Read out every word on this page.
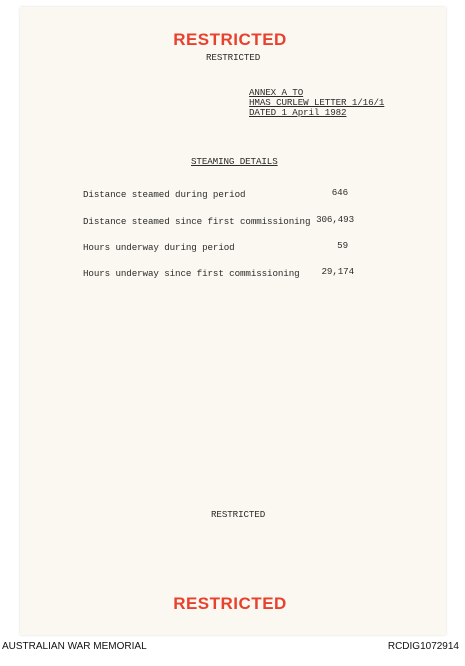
RESTRICTED
RESTRICTED
ANNEX A TO
HMAS CURLEW LETTER 1/16/1
DATED 1 April 1982
STEAMING DETAILS
Distance steamed during period	646
Distance steamed since first commissioning 306,493
Hours underway during period	59
Hours underway since first commissioning	29,174
RESTRICTED
RESTRICTED
AUSTRALIAN WAR MEMORIAL	RCDIG1072914
